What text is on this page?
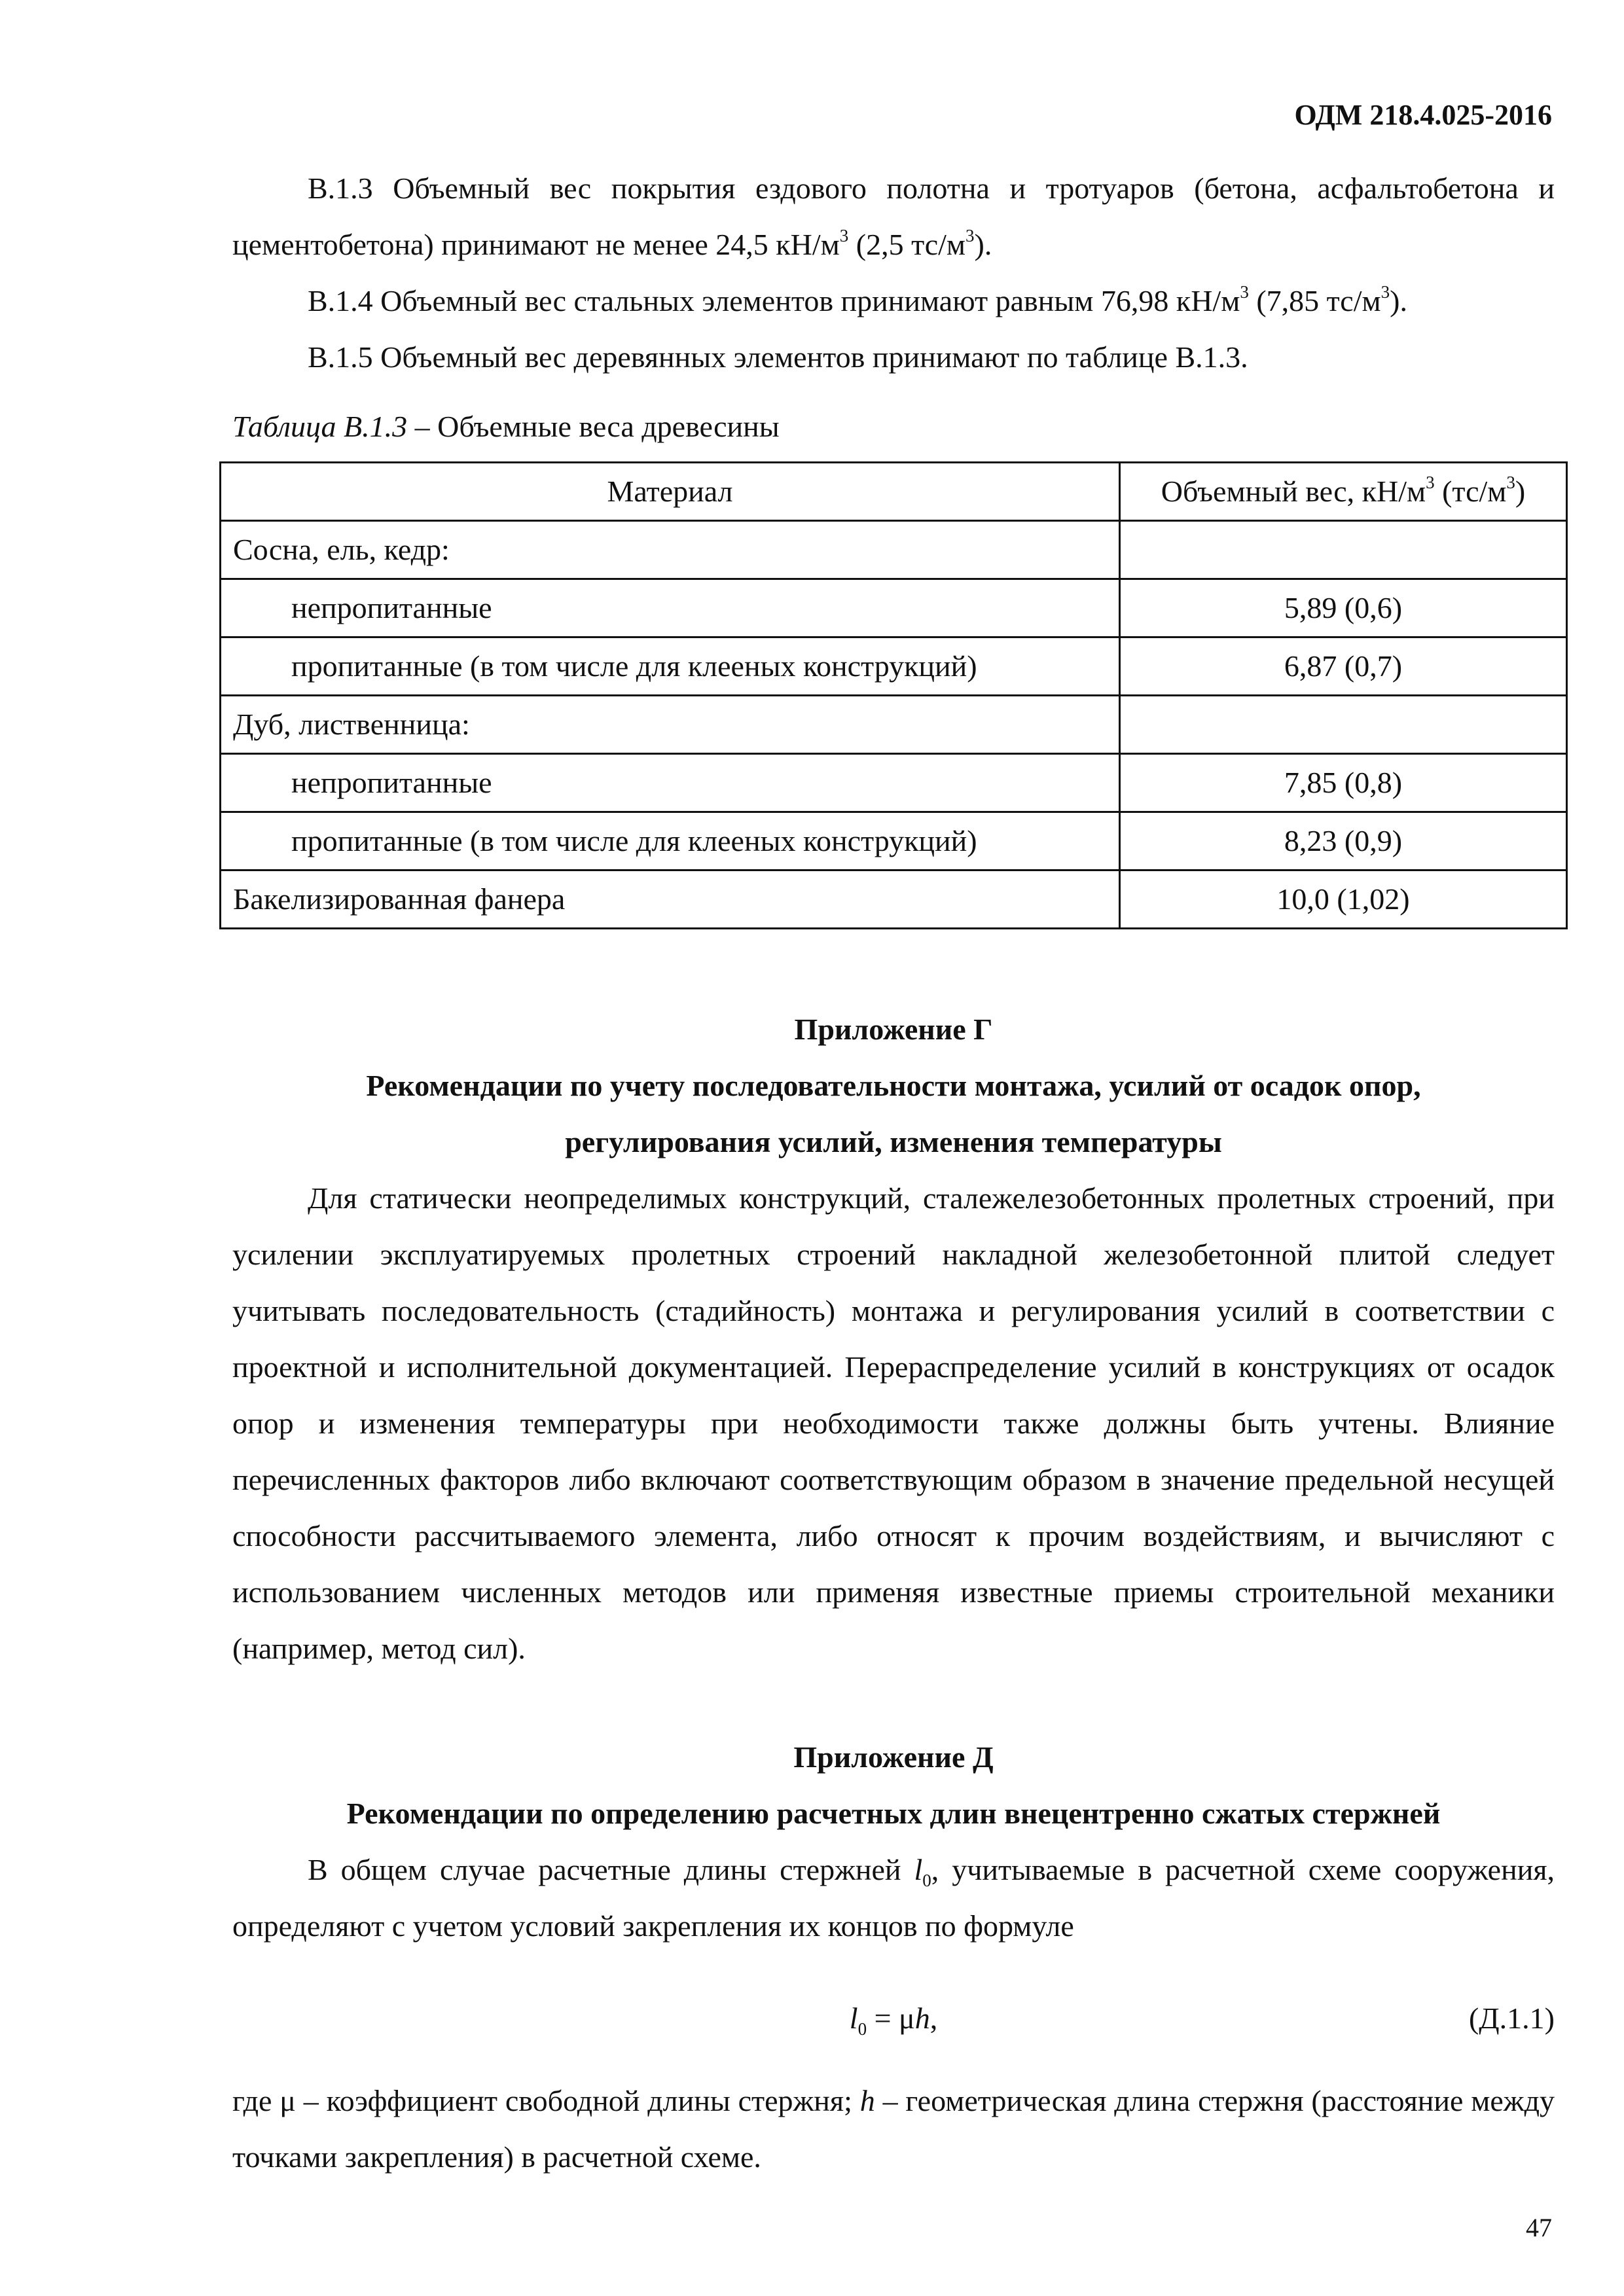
ОДМ 218.4.025-2016

В.1.3 Объемный вес покрытия ездового полотна и тротуаров (бетона, асфальтобетона и цементобетона) принимают не менее 24,5 $кН/м^3$ (2,5 $тс/м^3$).

В.1.4 Объемный вес стальных элементов принимают равным 76,98 $кН/м^3$ (7,85 $тс/м^3$).

В.1.5 Объемный вес деревянных элементов принимают по таблице В.1.3.

Таблица В.1.3 – Объемные веса древесины

Материал	Объемный вес, $кН/м^3$ $(тс/м^3)$
Сосна, ель, кедр:	
непропитанные	5,89 (0,6)
пропитанные (в том числе для клееных конструкций)	6,87 (0,7)
Дуб, лиственница:	
непропитанные	7,85 (0,8)
пропитанные (в том числе для клееных конструкций)	8,23 (0,9)
Бакелизированная фанера	10,0 (1,02)

Приложение Г

Рекомендации по учету последовательности монтажа, усилий от осадок опор,

регулирования усилий, изменения температуры

Для статически неопределимых конструкций, сталежелезобетонных пролетных строений, при усилении эксплуатируемых пролетных строений накладной железобетонной плитой следует учитывать последовательность (стадийность) монтажа и регулирования усилий в соответствии с проектной и исполнительной документацией. Перераспределение усилий в конструкциях от осадок опор и изменения температуры при необходимости также должны быть учтены. Влияние перечисленных факторов либо включают соответствующим образом в значение предельной несущей способности рассчитываемого элемента, либо относят к прочим воздействиям, и вычисляют с использованием численных методов или применяя известные приемы строительной механики (например, метод сил).

Приложение Д

Рекомендации по определению расчетных длин внецентренно сжатых стержней

В общем случае расчетные длины стержней $l_0$, учитываемые в расчетной схеме сооружения, определяют с учетом условий закрепления их концов по формуле

$l_0 = \mu h$,	(Д.1.1)

где μ – коэффициент свободной длины стержня; h – геометрическая длина стержня (расстояние между точками закрепления) в расчетной схеме.

47
